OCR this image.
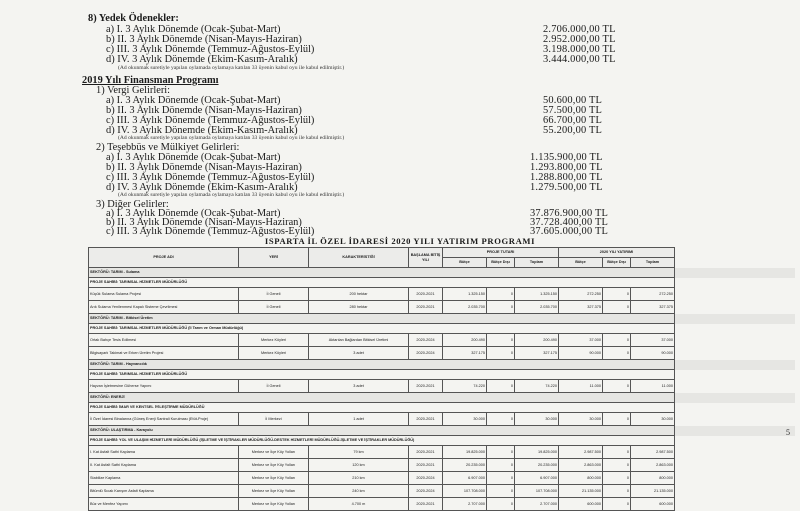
8) Yedek Ödenekler:
a) I. 3 Aylık Dönemde (Ocak-Şubat-Mart)	2.706.000,00 TL
b) II. 3 Aylık Dönemde (Nisan-Mayıs-Haziran)	2.952.000,00 TL
c) III. 3 Aylık Dönemde (Temmuz-Ağustos-Eylül)	3.198.000,00 TL
d) IV. 3 Aylık Dönemde (Ekim-Kasım-Aralık)	3.444.000,00 TL
(Ad okunmak suretiyle yapılan oylamada oylamaya katılan 33 üyenin kabul oyu ile kabul edilmiştir.)
2019 Yılı Finansman Programı
1) Vergi Gelirleri:
a) I. 3 Aylık Dönemde (Ocak-Şubat-Mart)	50.600,00 TL
b) II. 3 Aylık Dönemde (Nisan-Mayıs-Haziran)	57.500,00 TL
c) III. 3 Aylık Dönemde (Temmuz-Ağustos-Eylül)	66.700,00 TL
d) IV. 3 Aylık Dönemde (Ekim-Kasım-Aralık)	55.200,00 TL
(Ad okunmak suretiyle yapılan oylamada oylamaya katılan 33 üyenin kabul oyu ile kabul edilmiştir.)
2) Teşebbüs ve Mülkiyet Gelirleri:
a) I. 3 Aylık Dönemde (Ocak-Şubat-Mart)	1.135.900,00 TL
b) II. 3 Aylık Dönemde (Nisan-Mayıs-Haziran)	1.293.800,00 TL
c) III. 3 Aylık Dönemde (Temmuz-Ağustos-Eylül)	1.288.800,00 TL
d) IV. 3 Aylık Dönemde (Ekim-Kasım-Aralık)	1.279.500,00 TL
(Ad okunmak suretiyle yapılan oylamada oylamaya katılan 33 üyenin kabul oyu ile kabul edilmiştir.)
3) Diğer Gelirler:
a) I. 3 Aylık Dönemde (Ocak-Şubat-Mart)	37.876.900,00 TL
b) II. 3 Aylık Dönemde (Nisan-Mayıs-Haziran)	37.728.400,00 TL
c) III. 3 Aylık Dönemde (Temmuz-Ağustos-Eylül)	37.605.000,00 TL
ISPARTA İL ÖZEL İDARESİ 2020 YILI YATIRIM PROGRAMI
PROJE ADI	YERİ	KARAKTERİSTİĞİ	BAŞLAMA BİTİŞ YILI	PROJE TUTARI			2020 YILI YATIRIMI			
				Bütçe	Bütçe Dışı	Toplam	Bütçe	Bütçe Dışı	Toplam	
SEKTÖRÜ: TARIM - Sulama										
PROJE SAHİBİ: TARIMSAL HİZMETLER MÜDÜRLÜĞÜ										
Küçük Sulama Sulama Projesi	İl Geneli	200 hektar	2020-2021	1.325.150	0	1.325.150	272.250	0	272.250	
Arık Sulama Yenilenmesi Kapalı Sisteme Çevrilmesi	İl Geneli	280 hektar	2020-2021	2.035.700	0	2.035.700	327.375	0	327.375	
SEKTÖRÜ: TARIM - Bitkisel Üretim										
PROJE SAHİBİ: TARIMSAL HİZMETLER MÜDÜRLÜĞÜ (İl Tarım ve Orman Müdürlüğü)										
Ortak Bahçe Tesis Edilmesi	Merkez Köyleri	Aktarılan Bağlardan Bitkisel Üretimi	2020-2024	200.490	0	200.490	37.000	0	37.000	
Bilgisayarlı Takimat ve Erken Üretim Projesi	Merkez Köyleri	3 adet	2020-2024	327.175	0	327.175	90.000	0	90.000	
SEKTÖRÜ: TARIM - Hayvancılık										
PROJE SAHİBİ: TARIMSAL HİZMETLER MÜDÜRLÜĞÜ										
Hayvan İşletmesine Güherse Yapımı	İl Geneli	3 adet	2020-2021	74.220	0	74.220	11.000	0	11.000	
SEKTÖRÜ: ENERJİ										
PROJE SAHİBİ: İMAR VE KENTSEL İYİLEŞTİRME MÜDÜRLÜĞÜ										
İl Özel İdaresi Binalarına (Güneş Enerji Santrali Kurulması (Etüt-Proje)	İl Merkezi	1 adet	2020-2021	30.000	0	30.000	30.000	0	30.000	
SEKTÖRÜ: ULAŞTIRMA - Karayolu										
PROJE SAHİBİ: YOL VE ULAŞIM HİZMETLERİ MÜDÜRLÜĞÜ (İŞLETME VE İŞTİRAKLER MÜDÜRLÜĞÜ-DESTEK HİZMETLERİ MÜDÜRLÜĞÜ-İŞLETME VE İŞTİRAKLER MÜDÜRLÜĞÜ)										
I. Kat Asfalt Sathi Kaplama	Merkez ve İlçe Köy Yolları	79 km	2020-2021	19.825.000	0	19.825.000	2.987.500	0	2.987.500	
II. Kat Asfalt Sathi Kaplama	Merkez ve İlçe Köy Yolları	120 km	2020-2021	20.235.000	0	20.235.000	2.863.000	0	2.863.000	
Stabilize Kaplama	Merkez ve İlçe Köy Yolları	210 km	2020-2024	6.907.000	0	6.907.000	800.000	0	800.000	
Bitümlü Sıcak Karışım Asfalt Kaplama	Merkez ve İlçe Köy Yolları	240 km	2020-2024	107.708.000	0	107.708.000	21.135.000	0	21.135.000	
Büz ve Menfez Yapımı	Merkez ve İlçe Köy Yolları	4.700 m	2020-2021	2.707.000	0	2.707.000	600.000	0	600.000	
5
